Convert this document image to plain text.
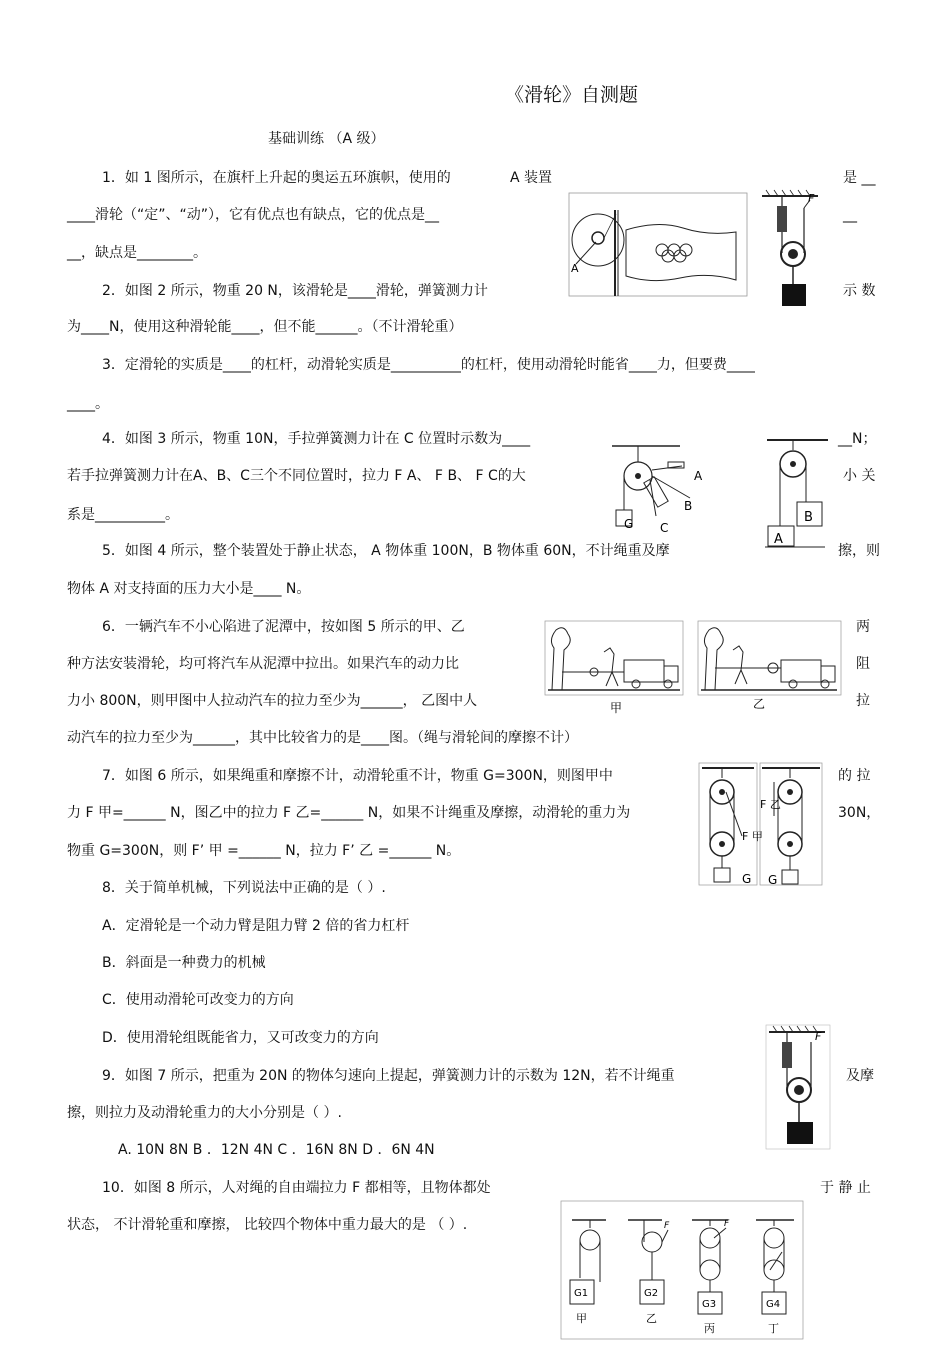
《滑轮》自测题
基础训练 （A 级）
1．如 1 图所示，在旗杆上升起的奥运五环旗帜，使用的	A 装置	是 __
____滑轮（“定”、“动”），它有优点也有缺点，它的优点是__	__
__，缺点是________。
2．如图 2 所示，物重 20 N，该滑轮是____滑轮，弹簧测力计	示 数
为____N，使用这种滑轮能____，但不能______。（不计滑轮重）
3．定滑轮的实质是____的杠杆，动滑轮实质是__________的杠杆，使用动滑轮时能省____力，但要费____
____。
4．如图 3 所示，物重 10N，手拉弹簧测力计在 C 位置时示数为____	__N；
若手拉弹簧测力计在A、B、C三个不同位置时，拉力 F A、 F B、 F C的大	小 关
系是__________。
5．如图 4 所示，整个装置处于静止状态， A 物体重 100N，B 物体重 60N，不计绳重及摩	擦，则
物体 A 对支持面的压力大小是____ N。
6．一辆汽车不小心陷进了泥潭中，按如图 5 所示的甲、乙	两
种方法安装滑轮，均可将汽车从泥潭中拉出。如果汽车的动力比	阻
力小 800N，则甲图中人拉动汽车的拉力至少为______， 乙图中人	拉
动汽车的拉力至少为______，其中比较省力的是____图。（绳与滑轮间的摩擦不计）
7．如图 6 所示，如果绳重和摩擦不计，动滑轮重不计，物重 G=300N，则图甲中	的 拉
力 F 甲=______ N，图乙中的拉力 F 乙=______ N，如果不计绳重及摩擦，动滑轮的重力为	30N，
物重 G=300N，则 F’ 甲 =______ N，拉力 F’ 乙 =______ N。
8．关于简单机械，下列说法中正确的是（ ）.
A．定滑轮是一个动力臂是阻力臂 2 倍的省力杠杆
B．斜面是一种费力的机械
C．使用动滑轮可改变力的方向
D．使用滑轮组既能省力，又可改变力的方向
9．如图 7 所示，把重为 20N 的物体匀速向上提起，弹簧测力计的示数为 12N，若不计绳重	及摩
擦，则拉力及动滑轮重力的大小分别是（ ）.
A. 10N 8N B ．12N 4N C ．16N 8N D ．6N 4N
10．如图 8 所示，人对绳的自由端拉力 F 都相等，且物体都处	于 静 止
状态， 不计滑轮重和摩擦， 比较四个物体中重力最大的是 （ ）.
A
F
A
B
C
G
A
B
甲	乙
F 乙
F 甲
G G
F
G1	G2
G3	G4
甲	乙
丙	丁
F	F
